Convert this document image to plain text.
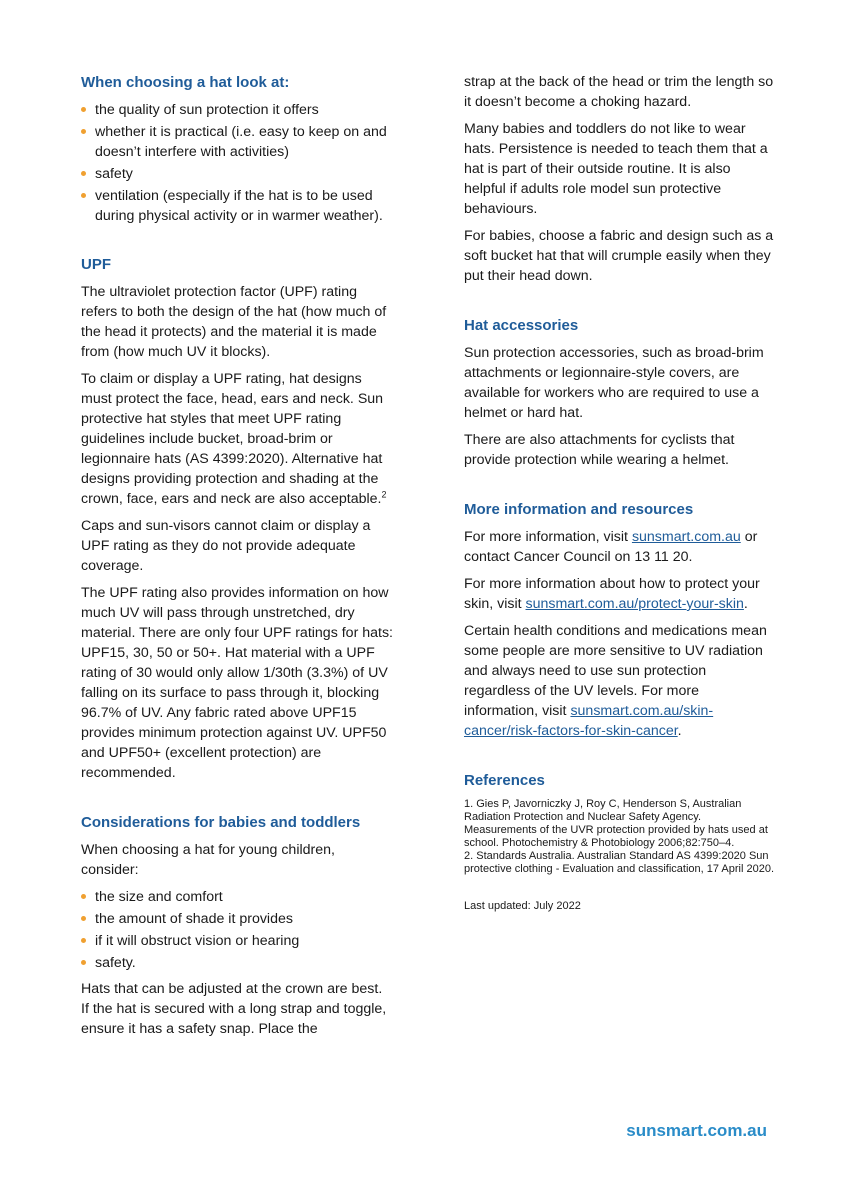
When choosing a hat look at:
the quality of sun protection it offers
whether it is practical (i.e. easy to keep on and doesn’t interfere with activities)
safety
ventilation (especially if the hat is to be used during physical activity or in warmer weather).
UPF

The ultraviolet protection factor (UPF) rating refers to both the design of the hat (how much of the head it protects) and the material it is made from (how much UV it blocks).

To claim or display a UPF rating, hat designs must protect the face, head, ears and neck. Sun protective hat styles that meet UPF rating guidelines include bucket, broad-brim or legionnaire hats (AS 4399:2020). Alternative hat designs providing protection and shading at the crown, face, ears and neck are also acceptable.$^2$

Caps and sun-visors cannot claim or display a UPF rating as they do not provide adequate coverage.

The UPF rating also provides information on how much UV will pass through unstretched, dry material. There are only four UPF ratings for hats: UPF15, 30, 50 or 50+. Hat material with a UPF rating of 30 would only allow 1/30th (3.3%) of UV falling on its surface to pass through it, blocking 96.7% of UV. Any fabric rated above UPF15 provides minimum protection against UV. UPF50 and UPF50+ (excellent protection) are recommended.

Considerations for babies and toddlers

When choosing a hat for young children, consider:

the size and comfort
the amount of shade it provides
if it will obstruct vision or hearing
safety.

Hats that can be adjusted at the crown are best. If the hat is secured with a long strap and toggle, ensure it has a safety snap. Place the

strap at the back of the head or trim the length so it doesn’t become a choking hazard.

Many babies and toddlers do not like to wear hats. Persistence is needed to teach them that a hat is part of their outside routine. It is also helpful if adults role model sun protective behaviours.

For babies, choose a fabric and design such as a soft bucket hat that will crumple easily when they put their head down.

Hat accessories

Sun protection accessories, such as broad-brim attachments or legionnaire-style covers, are available for workers who are required to use a helmet or hard hat.

There are also attachments for cyclists that provide protection while wearing a helmet.

More information and resources

For more information, visit sunsmart.com.au or contact Cancer Council on 13 11 20.

For more information about how to protect your skin, visit sunsmart.com.au/protect-your-skin.

Certain health conditions and medications mean some people are more sensitive to UV radiation and always need to use sun protection regardless of the UV levels. For more information, visit sunsmart.com.au/skin-cancer/risk-factors-for-skin-cancer.

References

1. Gies P, Javorniczky J, Roy C, Henderson S, Australian Radiation Protection and Nuclear Safety Agency. Measurements of the UVR protection provided by hats used at school. Photochemistry & Photobiology 2006;82:750–4.

2. Standards Australia. Australian Standard AS 4399:2020 Sun protective clothing - Evaluation and classification, 17 April 2020.

Last updated: July 2022
sunsmart.com.au
